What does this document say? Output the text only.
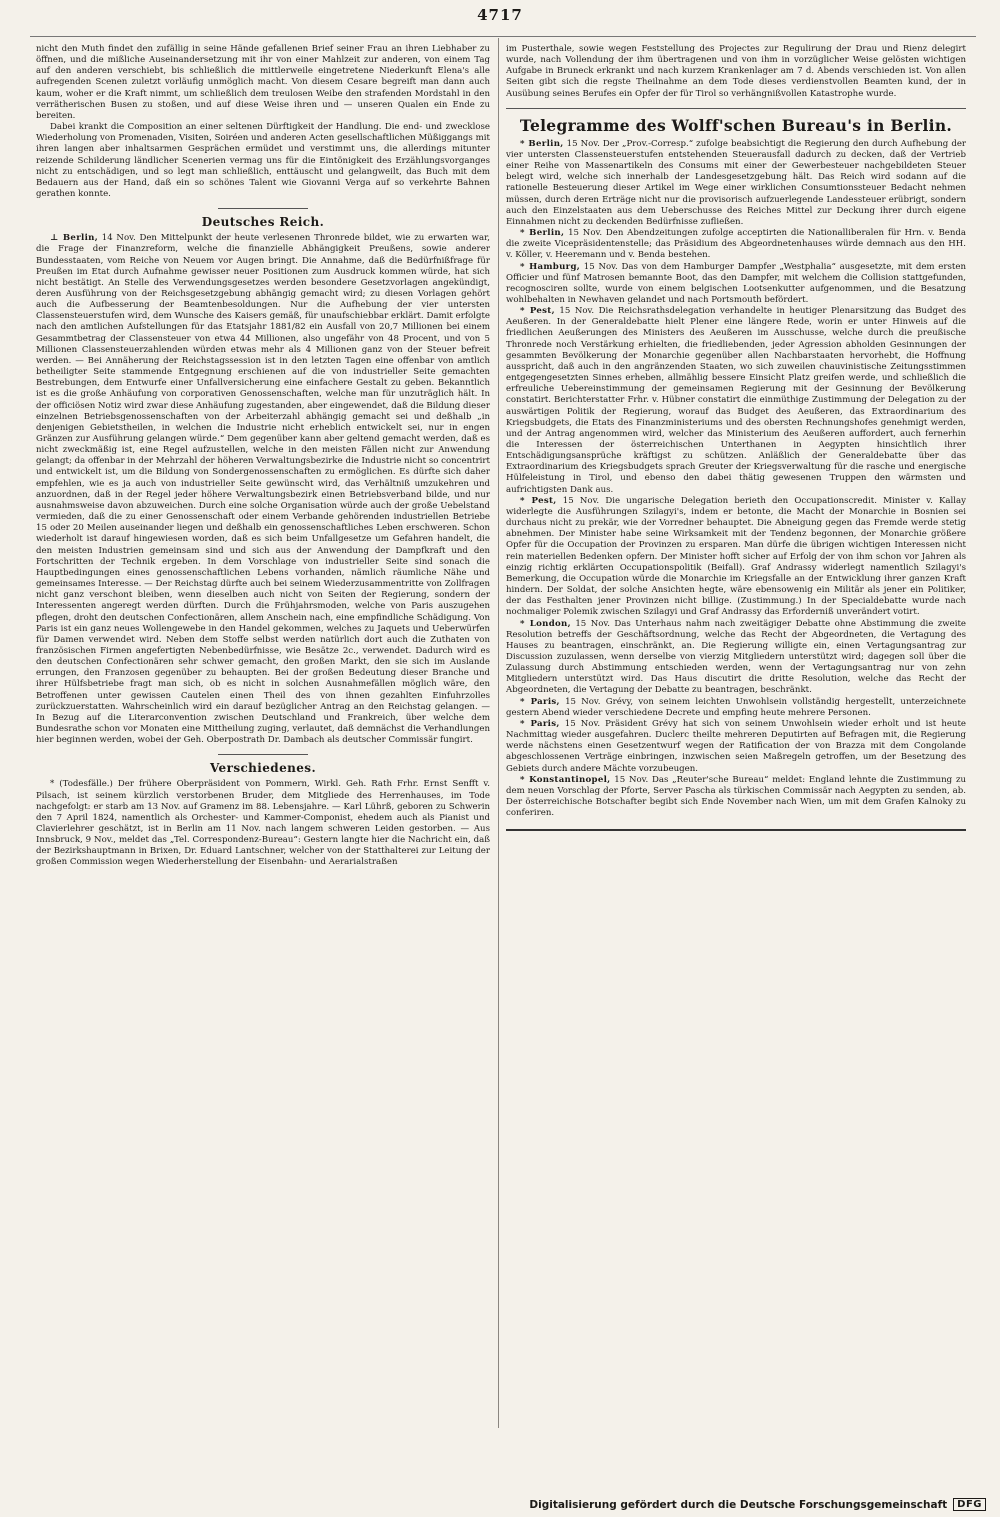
4717

nicht den Muth findet den zufällig in seine Hände gefallenen Brief seiner Frau an ihren Liebhaber zu öffnen, und die mißliche Auseinandersetzung mit ihr von einer Mahlzeit zur anderen, von einem Tag auf den anderen verschiebt, bis schließlich die mittlerweile eingetretene Niederkunft Elena's alle aufregenden Scenen zuletzt vorläufig unmöglich macht. Von diesem Cesare begreift man dann auch kaum, woher er die Kraft nimmt, um schließlich dem treulosen Weibe den strafenden Mordstahl in den verrätherischen Busen zu stoßen, und auf diese Weise ihren und — unseren Qualen ein Ende zu bereiten.

Dabei krankt die Composition an einer seltenen Dürftigkeit der Handlung. Die end- und zwecklose Wiederholung von Promenaden, Visiten, Soiréen und anderen Acten gesellschaftlichen Müßiggangs mit ihren langen aber inhaltsarmen Gesprächen ermüdet und verstimmt uns, die allerdings mitunter reizende Schilderung ländlicher Scenerien vermag uns für die Eintönigkeit des Erzählungsvorganges nicht zu entschädigen, und so legt man schließlich, enttäuscht und gelangweilt, das Buch mit dem Bedauern aus der Hand, daß ein so schönes Talent wie Giovanni Verga auf so verkehrte Bahnen gerathen konnte.

Deutsches Reich.

⊥ Berlin, 14 Nov. Den Mittelpunkt der heute verlesenen Thronrede bildet, wie zu erwarten war, die Frage der Finanzreform, welche die finanzielle Abhängigkeit Preußens, sowie anderer Bundesstaaten, vom Reiche von Neuem vor Augen bringt. Die Annahme, daß die Bedürfnißfrage für Preußen im Etat durch Aufnahme gewisser neuer Positionen zum Ausdruck kommen würde, hat sich nicht bestätigt. An Stelle des Verwendungsgesetzes werden besondere Gesetzvorlagen angekündigt, deren Ausführung von der Reichsgesetzgebung abhängig gemacht wird; zu diesen Vorlagen gehört auch die Aufbesserung der Beamtenbesoldungen. Nur die Aufhebung der vier untersten Classensteuerstufen wird, dem Wunsche des Kaisers gemäß, für unaufschiebbar erklärt. Damit erfolgte nach den amtlichen Aufstellungen für das Etatsjahr 1881/82 ein Ausfall von 20,7 Millionen bei einem Gesammtbetrag der Classensteuer von etwa 44 Millionen, also ungefähr von 48 Procent, und von 5 Millionen Classensteuerzahlenden würden etwas mehr als 4 Millionen ganz von der Steuer befreit werden. — Bei Annäherung der Reichstagssession ist in den letzten Tagen eine offenbar von amtlich betheiligter Seite stammende Entgegnung erschienen auf die von industrieller Seite gemachten Bestrebungen, dem Entwurfe einer Unfallversicherung eine einfachere Gestalt zu geben. Bekanntlich ist es die große Anhäufung von corporativen Genossenschaften, welche man für unzuträglich hält. In der officiösen Notiz wird zwar diese Anhäufung zugestanden, aber eingewendet, daß die Bildung dieser einzelnen Betriebsgenossenschaften von der Arbeiterzahl abhängig gemacht sei und deßhalb „in denjenigen Gebietstheilen, in welchen die Industrie nicht erheblich entwickelt sei, nur in engen Gränzen zur Ausführung gelangen würde.“ Dem gegenüber kann aber geltend gemacht werden, daß es nicht zweckmäßig ist, eine Regel aufzustellen, welche in den meisten Fällen nicht zur Anwendung gelangt; da offenbar in der Mehrzahl der höheren Verwaltungsbezirke die Industrie nicht so concentrirt und entwickelt ist, um die Bildung von Sondergenossenschaften zu ermöglichen. Es dürfte sich daher empfehlen, wie es ja auch von industrieller Seite gewünscht wird, das Verhältniß umzukehren und anzuordnen, daß in der Regel jeder höhere Verwaltungsbezirk einen Betriebsverband bilde, und nur ausnahmsweise davon abzuweichen. Durch eine solche Organisation würde auch der große Uebelstand vermieden, daß die zu einer Genossenschaft oder einem Verbande gehörenden industriellen Betriebe 15 oder 20 Meilen auseinander liegen und deßhalb ein genossenschaftliches Leben erschweren. Schon wiederholt ist darauf hingewiesen worden, daß es sich beim Unfallgesetze um Gefahren handelt, die den meisten Industrien gemeinsam sind und sich aus der Anwendung der Dampfkraft und den Fortschritten der Technik ergeben. In dem Vorschlage von industrieller Seite sind sonach die Hauptbedingungen eines genossenschaftlichen Lebens vorhanden, nämlich räumliche Nähe und gemeinsames Interesse. — Der Reichstag dürfte auch bei seinem Wiederzusammentritte von Zollfragen nicht ganz verschont bleiben, wenn dieselben auch nicht von Seiten der Regierung, sondern der Interessenten angeregt werden dürften. Durch die Frühjahrsmoden, welche von Paris auszugehen pflegen, droht den deutschen Confectionären, allem Anschein nach, eine empfindliche Schädigung. Von Paris ist ein ganz neues Wollengewebe in den Handel gekommen, welches zu Jaquets und Ueberwürfen für Damen verwendet wird. Neben dem Stoffe selbst werden natürlich dort auch die Zuthaten von französischen Firmen angefertigten Nebenbedürfnisse, wie Besätze 2c., verwendet. Dadurch wird es den deutschen Confectionären sehr schwer gemacht, den großen Markt, den sie sich im Auslande errungen, den Franzosen gegenüber zu behaupten. Bei der großen Bedeutung dieser Branche und ihrer Hülfsbetriebe fragt man sich, ob es nicht in solchen Ausnahmefällen möglich wäre, den Betroffenen unter gewissen Cautelen einen Theil des von ihnen gezahlten Einfuhrzolles zurückzuerstatten. Wahrscheinlich wird ein darauf bezüglicher Antrag an den Reichstag gelangen. — In Bezug auf die Literarconvention zwischen Deutschland und Frankreich, über welche dem Bundesrathe schon vor Monaten eine Mittheilung zuging, verlautet, daß demnächst die Verhandlungen hier beginnen werden, wobei der Geh. Oberpostrath Dr. Dambach als deutscher Commissär fungirt.

Verschiedenes.

* (Todesfälle.) Der frühere Oberpräsident von Pommern, Wirkl. Geh. Rath Frhr. Ernst Senfft v. Pilsach, ist seinem kürzlich verstorbenen Bruder, dem Mitgliede des Herrenhauses, im Tode nachgefolgt: er starb am 13 Nov. auf Gramenz im 88. Lebensjahre. — Karl Lührß, geboren zu Schwerin den 7 April 1824, namentlich als Orchester- und Kammer-Componist, ehedem auch als Pianist und Clavierlehrer geschätzt, ist in Berlin am 11 Nov. nach langem schweren Leiden gestorben. — Aus Innsbruck, 9 Nov., meldet das „Tel. Correspondenz-Bureau“: Gestern langte hier die Nachricht ein, daß der Bezirkshauptmann in Brixen, Dr. Eduard Lantschner, welcher von der Statthalterei zur Leitung der großen Commission wegen Wiederherstellung der Eisenbahn- und Aerarialstraßen

im Pusterthale, sowie wegen Feststellung des Projectes zur Regulirung der Drau und Rienz delegirt wurde, nach Vollendung der ihm übertragenen und von ihm in vorzüglicher Weise gelösten wichtigen Aufgabe in Bruneck erkrankt und nach kurzem Krankenlager am 7 d. Abends verschieden ist. Von allen Seiten gibt sich die regste Theilnahme an dem Tode dieses verdienstvollen Beamten kund, der in Ausübung seines Berufes ein Opfer der für Tirol so verhängnißvollen Katastrophe wurde.

Telegramme des Wolff'schen Bureau's in Berlin.

* Berlin, 15 Nov. Der „Prov.-Corresp.“ zufolge beabsichtigt die Regierung den durch Aufhebung der vier untersten Classensteuerstufen entstehenden Steuerausfall dadurch zu decken, daß der Vertrieb einer Reihe von Massenartikeln des Consums mit einer der Gewerbesteuer nachgebildeten Steuer belegt wird, welche sich innerhalb der Landesgesetzgebung hält. Das Reich wird sodann auf die rationelle Besteuerung dieser Artikel im Wege einer wirklichen Consumtionssteuer Bedacht nehmen müssen, durch deren Erträge nicht nur die provisorisch aufzuerlegende Landessteuer erübrigt, sondern auch den Einzelstaaten aus dem Ueberschusse des Reiches Mittel zur Deckung ihrer durch eigene Einnahmen nicht zu deckenden Bedürfnisse zufließen.

* Berlin, 15 Nov. Den Abendzeitungen zufolge acceptirten die Nationalliberalen für Hrn. v. Benda die zweite Vicepräsidentenstelle; das Präsidium des Abgeordnetenhauses würde demnach aus den HH. v. Köller, v. Heeremann und v. Benda bestehen.

* Hamburg, 15 Nov. Das von dem Hamburger Dampfer „Westphalia“ ausgesetzte, mit dem ersten Officier und fünf Matrosen bemannte Boot, das den Dampfer, mit welchem die Collision stattgefunden, recognosciren sollte, wurde von einem belgischen Lootsenkutter aufgenommen, und die Besatzung wohlbehalten in Newhaven gelandet und nach Portsmouth befördert.

* Pest, 15 Nov. Die Reichsrathsdelegation verhandelte in heutiger Plenarsitzung das Budget des Aeußeren. In der Generaldebatte hielt Plener eine längere Rede, worin er unter Hinweis auf die friedlichen Aeußerungen des Ministers des Aeußeren im Ausschusse, welche durch die preußische Thronrede noch Verstärkung erhielten, die friedliebenden, jeder Agression abholden Gesinnungen der gesammten Bevölkerung der Monarchie gegenüber allen Nachbarstaaten hervorhebt, die Hoffnung ausspricht, daß auch in den angränzenden Staaten, wo sich zuweilen chauvinistische Zeitungsstimmen entgegengesetzten Sinnes erheben, allmählig bessere Einsicht Platz greifen werde, und schließlich die erfreuliche Uebereinstimmung der gemeinsamen Regierung mit der Gesinnung der Bevölkerung constatirt. Berichterstatter Frhr. v. Hübner constatirt die einmüthige Zustimmung der Delegation zu der auswärtigen Politik der Regierung, worauf das Budget des Aeußeren, das Extraordinarium des Kriegsbudgets, die Etats des Finanzministeriums und des obersten Rechnungshofes genehmigt werden, und der Antrag angenommen wird, welcher das Ministerium des Aeußeren auffordert, auch fernerhin die Interessen der österreichischen Unterthanen in Aegypten hinsichtlich ihrer Entschädigungsansprüche kräftigst zu schützen. Anläßlich der Generaldebatte über das Extraordinarium des Kriegsbudgets sprach Greuter der Kriegsverwaltung für die rasche und energische Hülfeleistung in Tirol, und ebenso den dabei thätig gewesenen Truppen den wärmsten und aufrichtigsten Dank aus.

* Pest, 15 Nov. Die ungarische Delegation berieth den Occupationscredit. Minister v. Kallay widerlegte die Ausführungen Szilagyi's, indem er betonte, die Macht der Monarchie in Bosnien sei durchaus nicht zu prekär, wie der Vorredner behauptet. Die Abneigung gegen das Fremde werde stetig abnehmen. Der Minister habe seine Wirksamkeit mit der Tendenz begonnen, der Monarchie größere Opfer für die Occupation der Provinzen zu ersparen. Man dürfe die übrigen wichtigen Interessen nicht rein materiellen Bedenken opfern. Der Minister hofft sicher auf Erfolg der von ihm schon vor Jahren als einzig richtig erklärten Occupationspolitik (Beifall). Graf Andrassy widerlegt namentlich Szilagyi's Bemerkung, die Occupation würde die Monarchie im Kriegsfalle an der Entwicklung ihrer ganzen Kraft hindern. Der Soldat, der solche Ansichten hegte, wäre ebensowenig ein Militär als jener ein Politiker, der das Festhalten jener Provinzen nicht billige. (Zustimmung.) In der Specialdebatte wurde nach nochmaliger Polemik zwischen Szilagyi und Graf Andrassy das Erforderniß unverändert votirt.

* London, 15 Nov. Das Unterhaus nahm nach zweitägiger Debatte ohne Abstimmung die zweite Resolution betreffs der Geschäftsordnung, welche das Recht der Abgeordneten, die Vertagung des Hauses zu beantragen, einschränkt, an. Die Regierung willigte ein, einen Vertagungsantrag zur Discussion zuzulassen, wenn derselbe von vierzig Mitgliedern unterstützt wird; dagegen soll über die Zulassung durch Abstimmung entschieden werden, wenn der Vertagungsantrag nur von zehn Mitgliedern unterstützt wird. Das Haus discutirt die dritte Resolution, welche das Recht der Abgeordneten, die Vertagung der Debatte zu beantragen, beschränkt.

* Paris, 15 Nov. Grévy, von seinem leichten Unwohlsein vollständig hergestellt, unterzeichnete gestern Abend wieder verschiedene Decrete und empfing heute mehrere Personen.

* Paris, 15 Nov. Präsident Grévy hat sich von seinem Unwohlsein wieder erholt und ist heute Nachmittag wieder ausgefahren. Duclerc theilte mehreren Deputirten auf Befragen mit, die Regierung werde nächstens einen Gesetzentwurf wegen der Ratification der von Brazza mit dem Congolande abgeschlossenen Verträge einbringen, inzwischen seien Maßregeln getroffen, um der Besetzung des Gebiets durch andere Mächte vorzubeugen.

* Konstantinopel, 15 Nov. Das „Reuter'sche Bureau“ meldet: England lehnte die Zustimmung zu dem neuen Vorschlag der Pforte, Server Pascha als türkischen Commissär nach Aegypten zu senden, ab. Der österreichische Botschafter begibt sich Ende November nach Wien, um mit dem Grafen Kalnoky zu conferiren.

Digitalisierung gefördert durch die Deutsche Forschungsgemeinschaft	DFG
